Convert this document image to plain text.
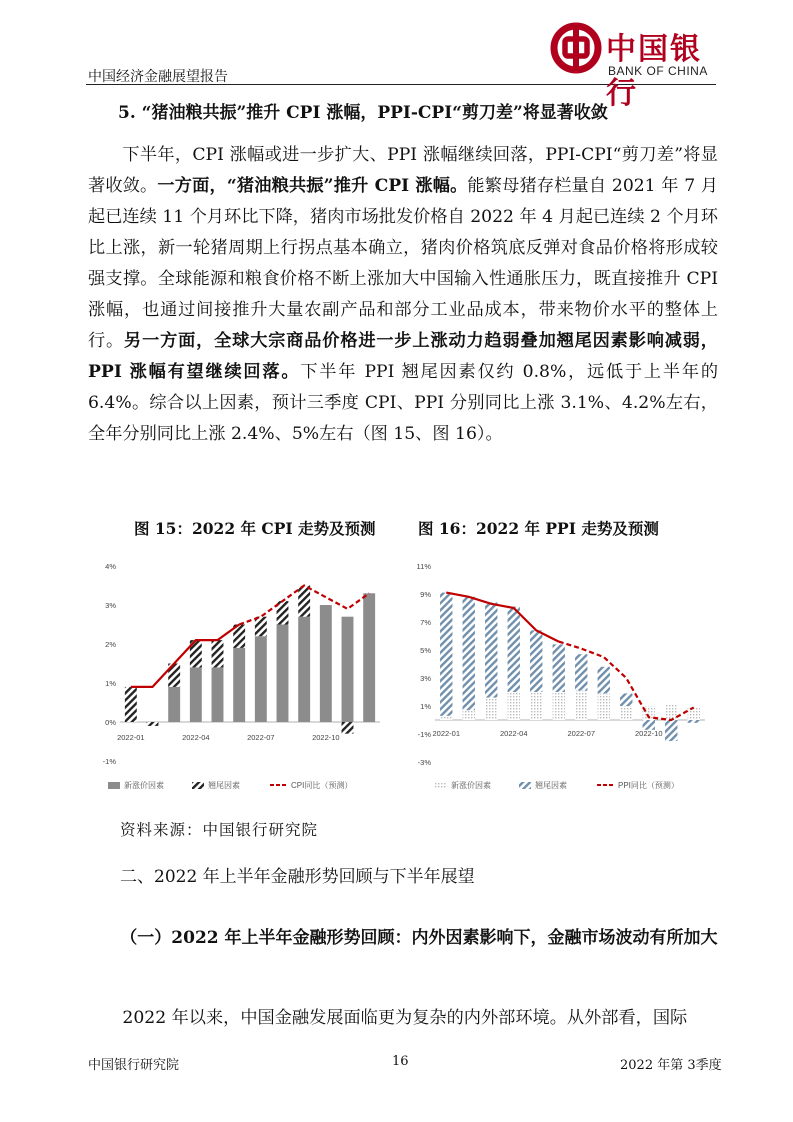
中国经济金融展望报告
中国银行
BANK OF CHINA
5. “猪油粮共振”推升 CPI 涨幅，PPI-CPI“剪刀差”将显著收敛

下半年，CPI 涨幅或进一步扩大、PPI 涨幅继续回落，PPI-CPI“剪刀差”将显著收敛。一方面，“猪油粮共振”推升 CPI 涨幅。能繁母猪存栏量自 2021 年 7 月起已连续 11 个月环比下降，猪肉市场批发价格自 2022 年 4 月起已连续 2 个月环比上涨，新一轮猪周期上行拐点基本确立，猪肉价格筑底反弹对食品价格将形成较强支撑。全球能源和粮食价格不断上涨加大中国输入性通胀压力，既直接推升 CPI 涨幅，也通过间接推升大量农副产品和部分工业品成本，带来物价水平的整体上行。另一方面，全球大宗商品价格进一步上涨动力趋弱叠加翘尾因素影响减弱，PPI 涨幅有望继续回落。下半年 PPI 翘尾因素仅约 0.8%，远低于上半年的 6.4%。综合以上因素，预计三季度 CPI、PPI 分别同比上涨 3.1%、4.2%左右，全年分别同比上涨 2.4%、5%左右（图 15、图 16）。

图 15：2022 年 CPI 走势及预测	图 16：2022 年 PPI 走势及预测
-1%
0%
1%
2%
3%
4%
2022-01	2022-04	2022-07	2022-10
新涨价因素	翘尾因素	CPI同比（预测）
-3%
-1%
1%
3%
5%
7%
9%
11%
2022-01	2022-04	2022-07	2022-10
新涨价因素	翘尾因素	PPI同比（预测）
资料来源：中国银行研究院
二、2022 年上半年金融形势回顾与下半年展望
（一）2022 年上半年金融形势回顾：内外因素影响下，金融市场波动有所加大
2022 年以来，中国金融发展面临更为复杂的内外部环境。从外部看，国际
中国银行研究院	16	2022 年第 3季度
